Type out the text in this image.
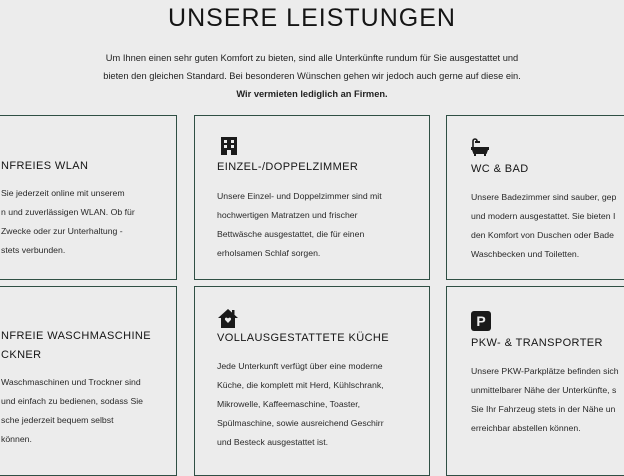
UNSERE LEISTUNGEN

Um Ihnen einen sehr guten Komfort zu bieten, sind alle Unterkünfte rundum für Sie ausgestattet und bieten den gleichen Standard. Bei besonderen Wünschen gehen wir jedoch auch gerne auf diese ein. Wir vermieten lediglich an Firmen.

NFREIES WLAN
Sie jederzeit online mit unserem
n und zuverlässigen WLAN. Ob für
Zwecke oder zur Unterhaltung -
stets verbunden.
EINZEL-/DOPPELZIMMER
Unsere Einzel- und Doppelzimmer sind mit
hochwertigen Matratzen und frischer
Bettwäsche ausgestattet, die für einen
erholsamen Schlaf sorgen.
WC & BAD
Unsere Badezimmer sind sauber, gep
und modern ausgestattet. Sie bieten I
den Komfort von Duschen oder Bade
Waschbecken und Toiletten.
NFREIE WASCHMASCHINE
CKNER
Waschmaschinen und Trockner sind
und einfach zu bedienen, sodass Sie
sche jederzeit bequem selbst
können.
VOLLAUSGESTATTETE KÜCHE
Jede Unterkunft verfügt über eine moderne
Küche, die komplett mit Herd, Kühlschrank,
Mikrowelle, Kaffeemaschine, Toaster,
Spülmaschine, sowie ausreichend Geschirr
und Besteck ausgestattet ist.
P
PKW- & TRANSPORTER
Unsere PKW-Parkplätze befinden sich
unmittelbarer Nähe der Unterkünfte, s
Sie Ihr Fahrzeug stets in der Nähe un
erreichbar abstellen können.
